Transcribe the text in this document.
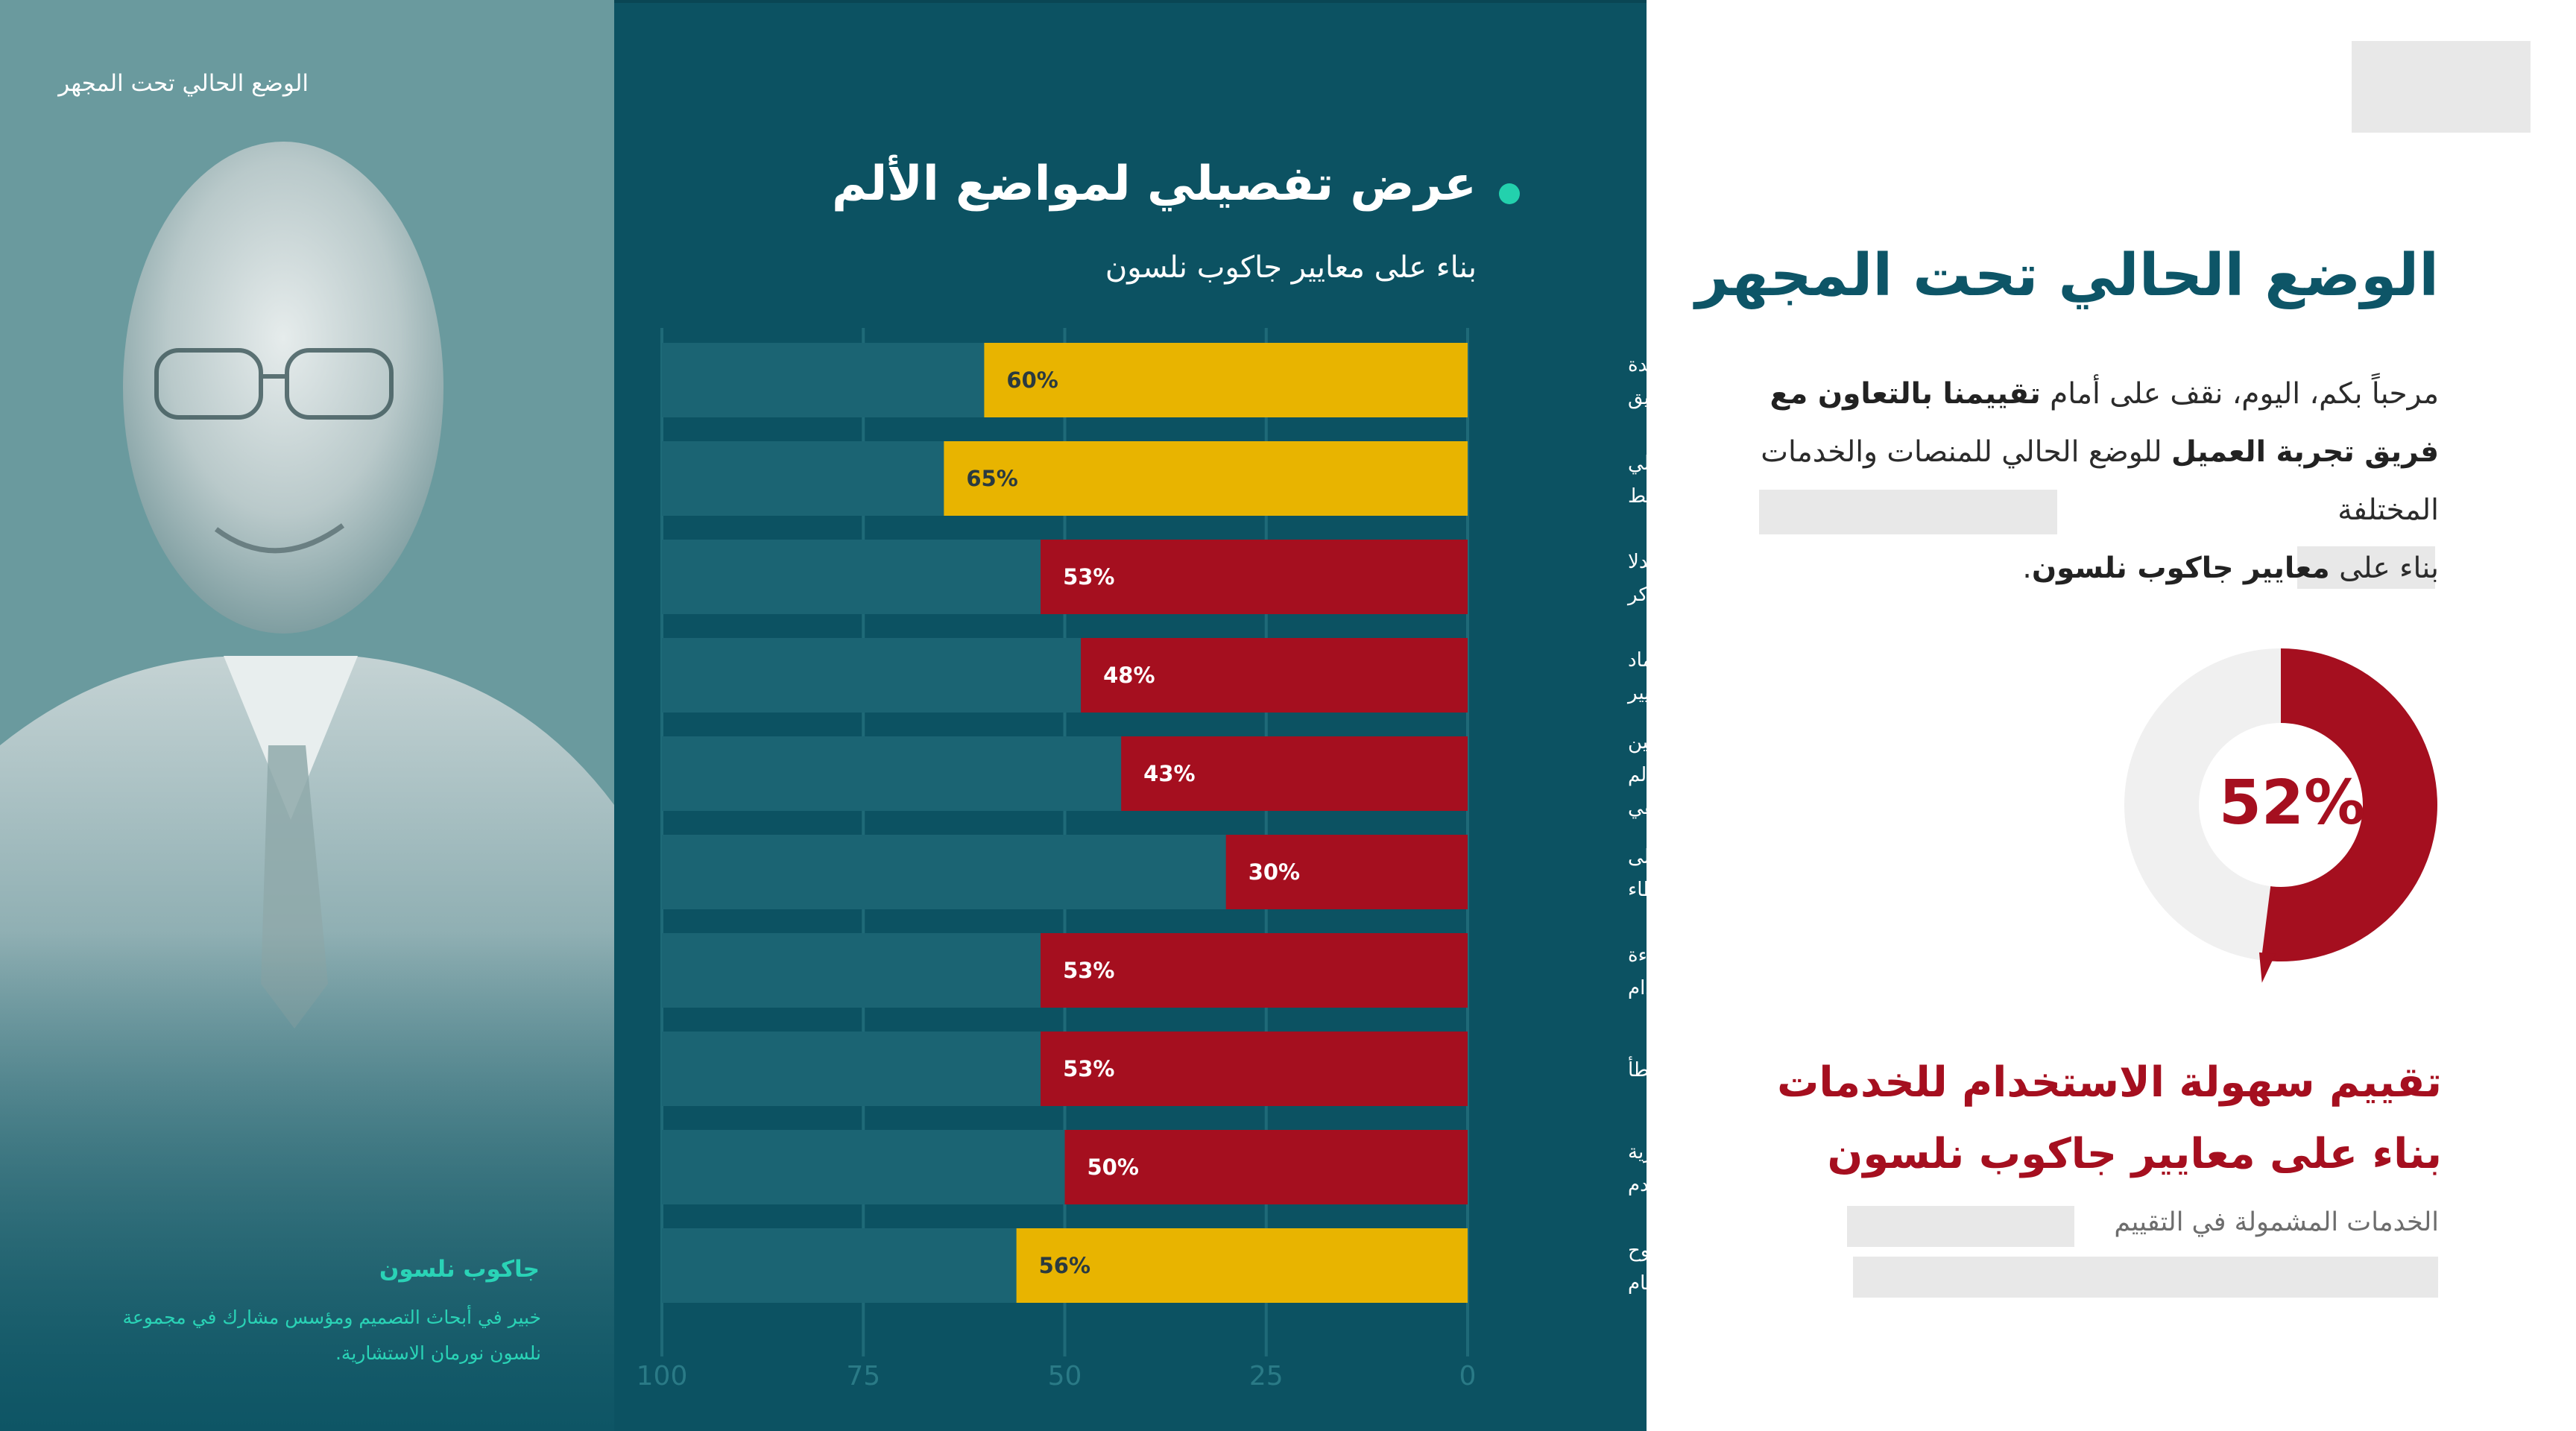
الوضع الحالي تحت المجهر
جاكوب نلسون
خبير في أبحاث التصميم ومؤسس مشارك في مجموعة نلسون نورمان الاستشارية.
عرض تفصيلي لمواضع الألم
بناء على معايير جاكوب نلسون
60%
المساعدة
والتوثيق
65%
التصميم الجمالي
والبسيط
53%
التعرف بدلا
من التذكر
48%
التناسق واعتماد
المعايير
43%
التطابق بين
النظام والعالم
الحقيقي
30%
التعرف على
الأخطاء
53%
مرونة وكفاءة
الاستخدام
53%	تفادي الخطأ
50%
التحكم وحرية
المستخدم
56%
حالة الوضوح
في النظام
100	75	50	25	0
الوضع الحالي تحت المجهر
مرحباً بكم، اليوم، نقف على أمام تقييمنا بالتعاون مع فريق تجربة العميل للوضع الحالي للمنصات والخدمات المختلفة
بناء على معايير جاكوب نلسون.
52%
تقييم سهولة الاستخدام للخدمات
بناء على معايير جاكوب نلسون
الخدمات المشمولة في التقييم
